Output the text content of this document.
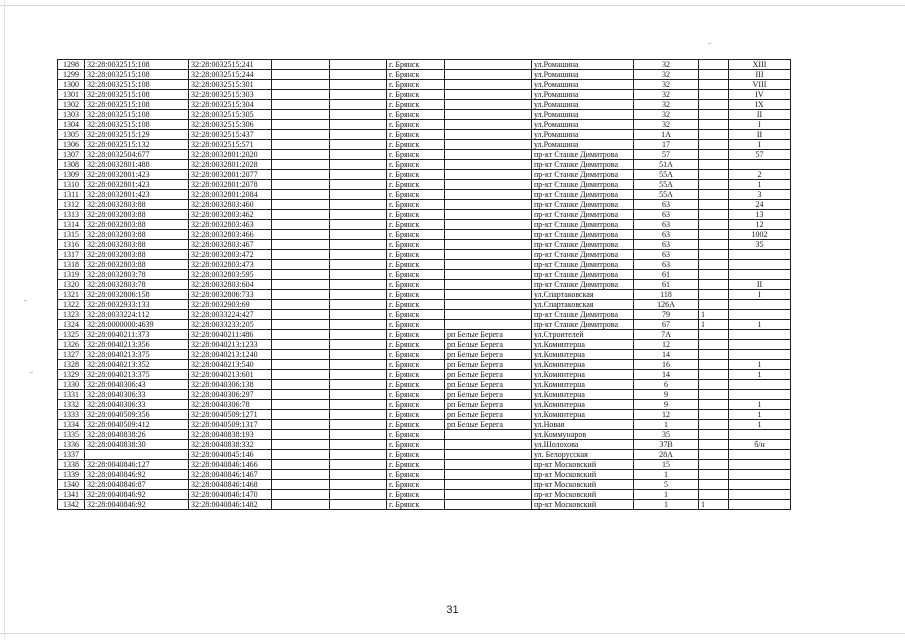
1298	32:28:0032515:108	32:28:0032515:241			г. Брянск		ул.Ромашина	32		XIII
1299	32:28:0032515:108	32:28:0032515:244			г. Брянск		ул.Ромашина	32		III
1300	32:28:0032515:108	32:28:0032515:301			г. Брянск		ул.Ромашина	32		VIII
1301	32:28:0032515:108	32:28:0032515:303			г. Брянск		ул.Ромашина	32		IV
1302	32:28:0032515:108	32:28:0032515:304			г. Брянск		ул.Ромашина	32		IX
1303	32:28:0032515:108	32:28:0032515:305			г. Брянск		ул.Ромашина	32		II
1304	32:28:0032515:108	32:28:0032515:306			г. Брянск		ул.Ромашина	32		I
1305	32:28:0032515:129	32:28:0032515:437			г. Брянск		ул.Ромашина	1А		II
1306	32:28:0032515:132	32:28:0032515:571			г. Брянск		ул.Ромашина	17		I
1307	32:28:0032504:677	32:28:0032801:2020			г. Брянск		пр-кт Станке Димитрова	57		57
1308	32:28:0032801:488	32:28:0032801:2028			г. Брянск		пр-кт Станке Димитрова	51А		
1309	32:28:0032801:423	32:28:0032801:2077			г. Брянск		пр-кт Станке Димитрова	55А		2
1310	32:28:0032801:423	32:28:0032801:2078			г. Брянск		пр-кт Станке Димитрова	55А		1
1311	32:28:0032801:423	32:28:0032801:2084			г. Брянск		пр-кт Станке Димитрова	55А		3
1312	32:28:0032803:88	32:28:0032803:460			г. Брянск		пр-кт Станке Димитрова	63		24
1313	32:28:0032803:88	32:28:0032803:462			г. Брянск		пр-кт Станке Димитрова	63		13
1314	32:28:0032803:88	32:28:0032803:463			г. Брянск		пр-кт Станке Димитрова	63		12
1315	32:28:0032803:88	32:28:0032803:466			г. Брянск		пр-кт Станке Димитрова	63		1002
1316	32:28:0032803:88	32:28:0032803:467			г. Брянск		пр-кт Станке Димитрова	63		35
1317	32:28:0032803:88	32:28:0032803:472			г. Брянск		пр-кт Станке Димитрова	63		
1318	32:28:0032803:88	32:28:0032803:473			г. Брянск		пр-кт Станке Димитрова	63		
1319	32:28:0032803:78	32:28:0032803:595			г. Брянск		пр-кт Станке Димитрова	61		
1320	32:28:0032803:78	32:28:0032803:604			г. Брянск		пр-кт Станке Димитрова	61		II
1321	32:28:0032806:158	32:28:0032806:733			г. Брянск		ул.Спартаковская	118		I
1322	32:28:0032933:133	32:28:0032903:69			г. Брянск		ул.Спартаковская	126А		
1323	32:28:0033224:112	32:28:0033224:427			г. Брянск		пр-кт Станке Димитрова	79	1	
1324	32:28:0000000:4639	32:28:0033233:205			г. Брянск		пр-кт Станке Димитрова	67	1	1
1325	32:28:0040211:373	32:28:0040211:486			г. Брянск	рп Белые Берега	ул.Строителей	7А		
1326	32:28:0040213:356	32:28:0040213:1233			г. Брянск	рп Белые Берега	ул.Коминтерна	12		
1327	32:28:0040213:375	32:28:0040213:1240			г. Брянск	рп Белые Берега	ул.Коминтерна	14		
1328	32:28:0040213:352	32:28:0040213:540			г. Брянск	рп Белые Берега	ул.Коминтерна	16		1
1329	32:28:0040213:375	32:28:0040213:601			г. Брянск	рп Белые Берега	ул.Коминтерна	14		1
1330	32:28:0040306:43	32:28:0040306:138			г. Брянск	рп Белые Берега	ул.Коминтерна	6		
1331	32:28:0040306:33	32:28:0040306:297			г. Брянск	рп Белые Берега	ул.Коминтерна	9		
1332	32:28:0040306:33	32:28:0040306:78			г. Брянск	рп Белые Берега	ул.Коминтерна	9		1
1333	32:28:0040509:356	32:28:0040509:1271			г. Брянск	рп Белые Берега	ул.Коминтерна	12		1
1334	32:28:0040509:412	32:28:0040509:1317			г. Брянск	рп Белые Берега	ул.Новая	1		1
1335	32:28:0040838:26	32:28:0040838:193			г. Брянск		ул.Коммунаров	35		
1336	32:28:0040838:30	32:28:0040838:332			г. Брянск		ул.Шолохова	37В		б/н
1337		32:28:0040845:146			г. Брянск		ул. Белорусская	28А		
1338	32:28:0040846:127	32:28:0040846:1466			г. Брянск		пр-кт Московский	15		
1339	32:28:0040846:92	32:28:0040846:1467			г. Брянск		пр-кт Московский	1		
1340	32:28:0040846:87	32:28:0040846:1468			г. Брянск		пр-кт Московский	5		
1341	32:28:0040846:92	32:28:0040846:1470			г. Брянск		пр-кт Московский	1		
1342	32:28:0040846:92	32:28:0040846:1482			г. Брянск		пр-кт Московский	1	1	
31
